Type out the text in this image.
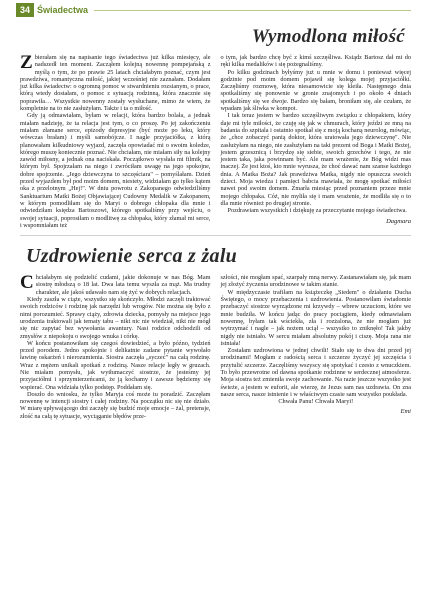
34 Świadectwa
Wymodlona miłość

Zbierałam się na napisanie tego świadectwa już kilka miesięcy, ale nadszedł ten moment. Zacząłem kolejną nowennę pompejańską z myślą o tym, że po prawie 25 latach chciałabym poznać, czym jest prawdziwa, romantyczna miłość, jakiej wcześniej nie zaznałam. Dodałam już kilka świadectw: o ogromną pomoc w stwardnieniu rozsianym, o prace, którą wtedy dostałam, o pomoc z sytuacją rodzinną, która znacznie się poprawiła… Wszystkie nowenny zostały wysłuchane, mimo że wiem, że kompletnie na to nie zasłużyłam. Także i ta o miłość.

Gdy ją odmawiałam, byłam w relacji, która bardzo bolała, a jednak miałam nadzieję, że ta relacja jest tym, o co proszę. Po jej zakończeniu miałam złamane serce, epizody depresyjne (być może po leku, który wówczas brałam) i myśli samobójcze. I nagle przyjaciółka, z którą planowałam kilkudniowy wyjazd, zaczęła opowiadać mi o swoim koledze, którego muszę koniecznie poznać. Nie chciałam, nie miałam siły na kolejny zawód miłosny, a jednak ona naciskała. Początkowo wysłała mi filmik, na którym był. Spojrzałam na niego i zwróciłam uwagę na jego spokojne, dobre spojrzenie. „Jego dziewczyna to szczęściara" – pomyślałam. Dzień przed wyjazdem był pod moim domem, niestety, widziałam go tylko kątem oka z przelotnym „Hej!". W dniu powrotu z Zakopanego odwiedziliśmy Sanktuarium Matki Bożej Objawiającej Cudowny Medalik w Zakopanem, w którym pomodliłam się do Maryi o dobrego chłopaka dla mnie i odwiedziłam księdza Bartoszowi, którego spotkaliśmy przy wejściu, o swojej sytuacji, poprosiłam o modlitwę za chłopaka, który złamał mi serce, i wspomniałam też

o tym, jak bardzo chcę być z kimś szczęśliwa. Ksiądz Bartosz dał mi do ręki kilka medalików i się pożegnaliśmy.

Po kilku godzinach byłyśmy już u mnie w domu i ponieważ więcej godzinie pod moim domem pojawił się kolega mojej przyjaciółki. Zaczęliśmy rozmowę, która niesamowicie się kleiła. Następnego dnia spotkaliśmy się ponownie w gronie znajomych i po około 4 dniach spotkaliśmy się we dwoje. Bardzo się bałam, broniłam się, ale czułam, że wpadam jak śliwka w kompot.

I tak teraz jestem w bardzo szczęśliwym związku z chłopakiem, który daje mi tyle miłości, że czuję się jak w chmurach, który jeździ ze mną na badania do szpitala i ostatnio spotkał się z moją kochaną neurolog, mówiąc, że „chce zobaczyć panią doktor, która uratowała jego dziewczynę". Nie zasłużyłam na niego, nie zasłużyłam na taki prezent od Boga i Matki Bożej, jestem grzesznicą i brzydzę się siebie, swoich grzechów i tego, że nie jestem taka, jaka powinnam być. Ale mam wrażenie, że Bóg widzi mas inaczej. Że jest ktoś, kto mnie wyrusza, że choć dawać nam szanse każdego dnia. A Matka Boża? Jak prawdziwa Matka, nigdy nie opuszcza swoich dzieci. Moja wiedza i pamięci babcia mawiała, że mogę spotkać miłości nawet pod swoim domem. Zmarła miesiąc przed poznaniem przeze mnie mojego chłopaka. Cóż, nie myliła się i mam wrażenie, że modliła się o to dla mnie również po drugiej stronie.

Pozdrawiam wszystkich i dziękuję za przeczytanie mojego świadectwa.

Dagmara
Uzdrowienie serca z żalu

Chciałabym się podzielić cudami, jakie dokonuje w nas Bóg. Mam siostrę młodszą o 18 lat. Dwa lata temu wyszła za mąż. Ma trudny charakter, ale jakoś udawało nam się żyć w dobrych relacjach.

Kiedy zaszła w ciąże, wszystko się skończyło. Młodzi zaczęli traktować swoich rodziców i rodzinę jak narzędzi lub wrogów. Nie można się było z nimi porozumieć. Sprawy ciąży, zdrowia dziecka, pomysły na miejsce jego urodzenia traktowali jak tematy tabu – nikt nic nie wiedział, nikt nie mógł się nic zapytać bez wywołania awantury. Nasi rodzice odchodzili od zmysłów z niepokoju o swojego wnuka i córkę.

W końcu postanowiłam się czegoś dowiedzieć, a było późno, tydzień przed porodem. Jedno spokojnie i delikatnie zadane pytanie wywołało ławinę oskarżeń i nierozumienia. Siostra zaczęła „syczeć" na całą rodzinę. Wraz z mężem unikali spotkań z rodziną. Nasze relacje legły w gruzach. Nie miałam pomysłu, jak wytłumaczyć siostrze, że jesteśmy jej przyjaciółmi i sprzymierzeńcami, że ją kochamy i zawsze będziemy się wspierać. Ona widziała tylko podstęp. Poddałam się.

Doszło do wniosku, że tylko Maryja coś może tu poradzić. Zaczęłam nowennę w intencji siostry i całej rodziny. Na początku nic się nie działo. W miarę upływającego dni zaczęły się budzić moje emocje – żal, pretensje, złość na całą tę sytuacje, wyciąganie błędów prze-

szłości, nie mogłam spać, szarpały mną nerwy. Zastanawiałam się, jak mam jej złożyć życzenia urodzinowe w takim stanie.

W międzyczasie trafiłam na książeczkę „Siedem" o działaniu Ducha Świętego, o mocy przebaczenia i uzdrowienia. Postanowiłam świadomie przebaczyć siostrze wyrządzone mi krzywdy – wbrew uczuciom, które we mnie budziła. W końcu jadąc do pracy pociągiem, kiedy odmawiałam nowennę, byłam tak wściekła, zła i rozżalona, że nie mogłam już wytrzymać i nagle – jak nożem uciął – wszystko to zniknęło! Tak jakby nigdy nie istniało. W sercu miałam absolutny pokój i ciszę. Moja rana nie istniała!

Zostałam uzdrowiona w jednej chwili! Stało się to dwa dni przed jej urodzinami! Mogłam z radością serca i szczerze życzyć jej szczęścia i przytulić szczerze. Zaczęliśmy wszyscy się spotykać i czesto z wnuczkiem. To było przewrotne od dawna spotkanie rodzinne w serdecznej atmosferze. Moja siostra też zmieniła swoje zachowanie. Na razie jeszcze wszystko jest świeże, a jestem w euforii, ale wierzę, że Jezus sam nas uzdrawia. On zna nasze serca, nasze istnienie i w właściwym czasie sam wszystko poukłada.

Chwała Panu! Chwała Maryi!

Emi
